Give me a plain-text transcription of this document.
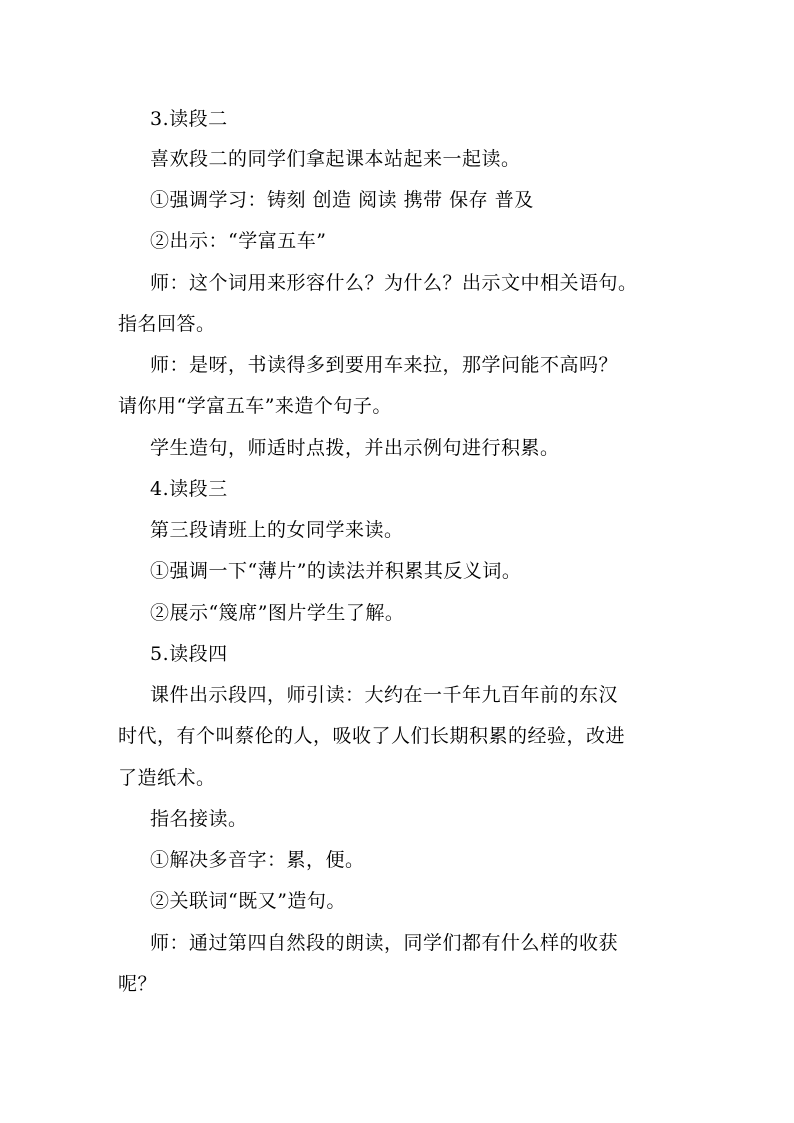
3.读段二
喜欢段二的同学们拿起课本站起来一起读。
①强调学习：铸刻 创造 阅读 携带 保存 普及
②出示：“学富五车”
师：这个词用来形容什么？为什么？出示文中相关语句。
指名回答。
师：是呀，书读得多到要用车来拉，那学问能不高吗？
请你用“学富五车”来造个句子。
学生造句，师适时点拨，并出示例句进行积累。
4.读段三
第三段请班上的女同学来读。
①强调一下“薄片”的读法并积累其反义词。
②展示“篾席”图片学生了解。
5.读段四
课件出示段四，师引读：大约在一千年九百年前的东汉
时代，有个叫蔡伦的人，吸收了人们长期积累的经验，改进
了造纸术。
指名接读。
①解决多音字：累，便。
②关联词“既又”造句。
师：通过第四自然段的朗读，同学们都有什么样的收获
呢？
